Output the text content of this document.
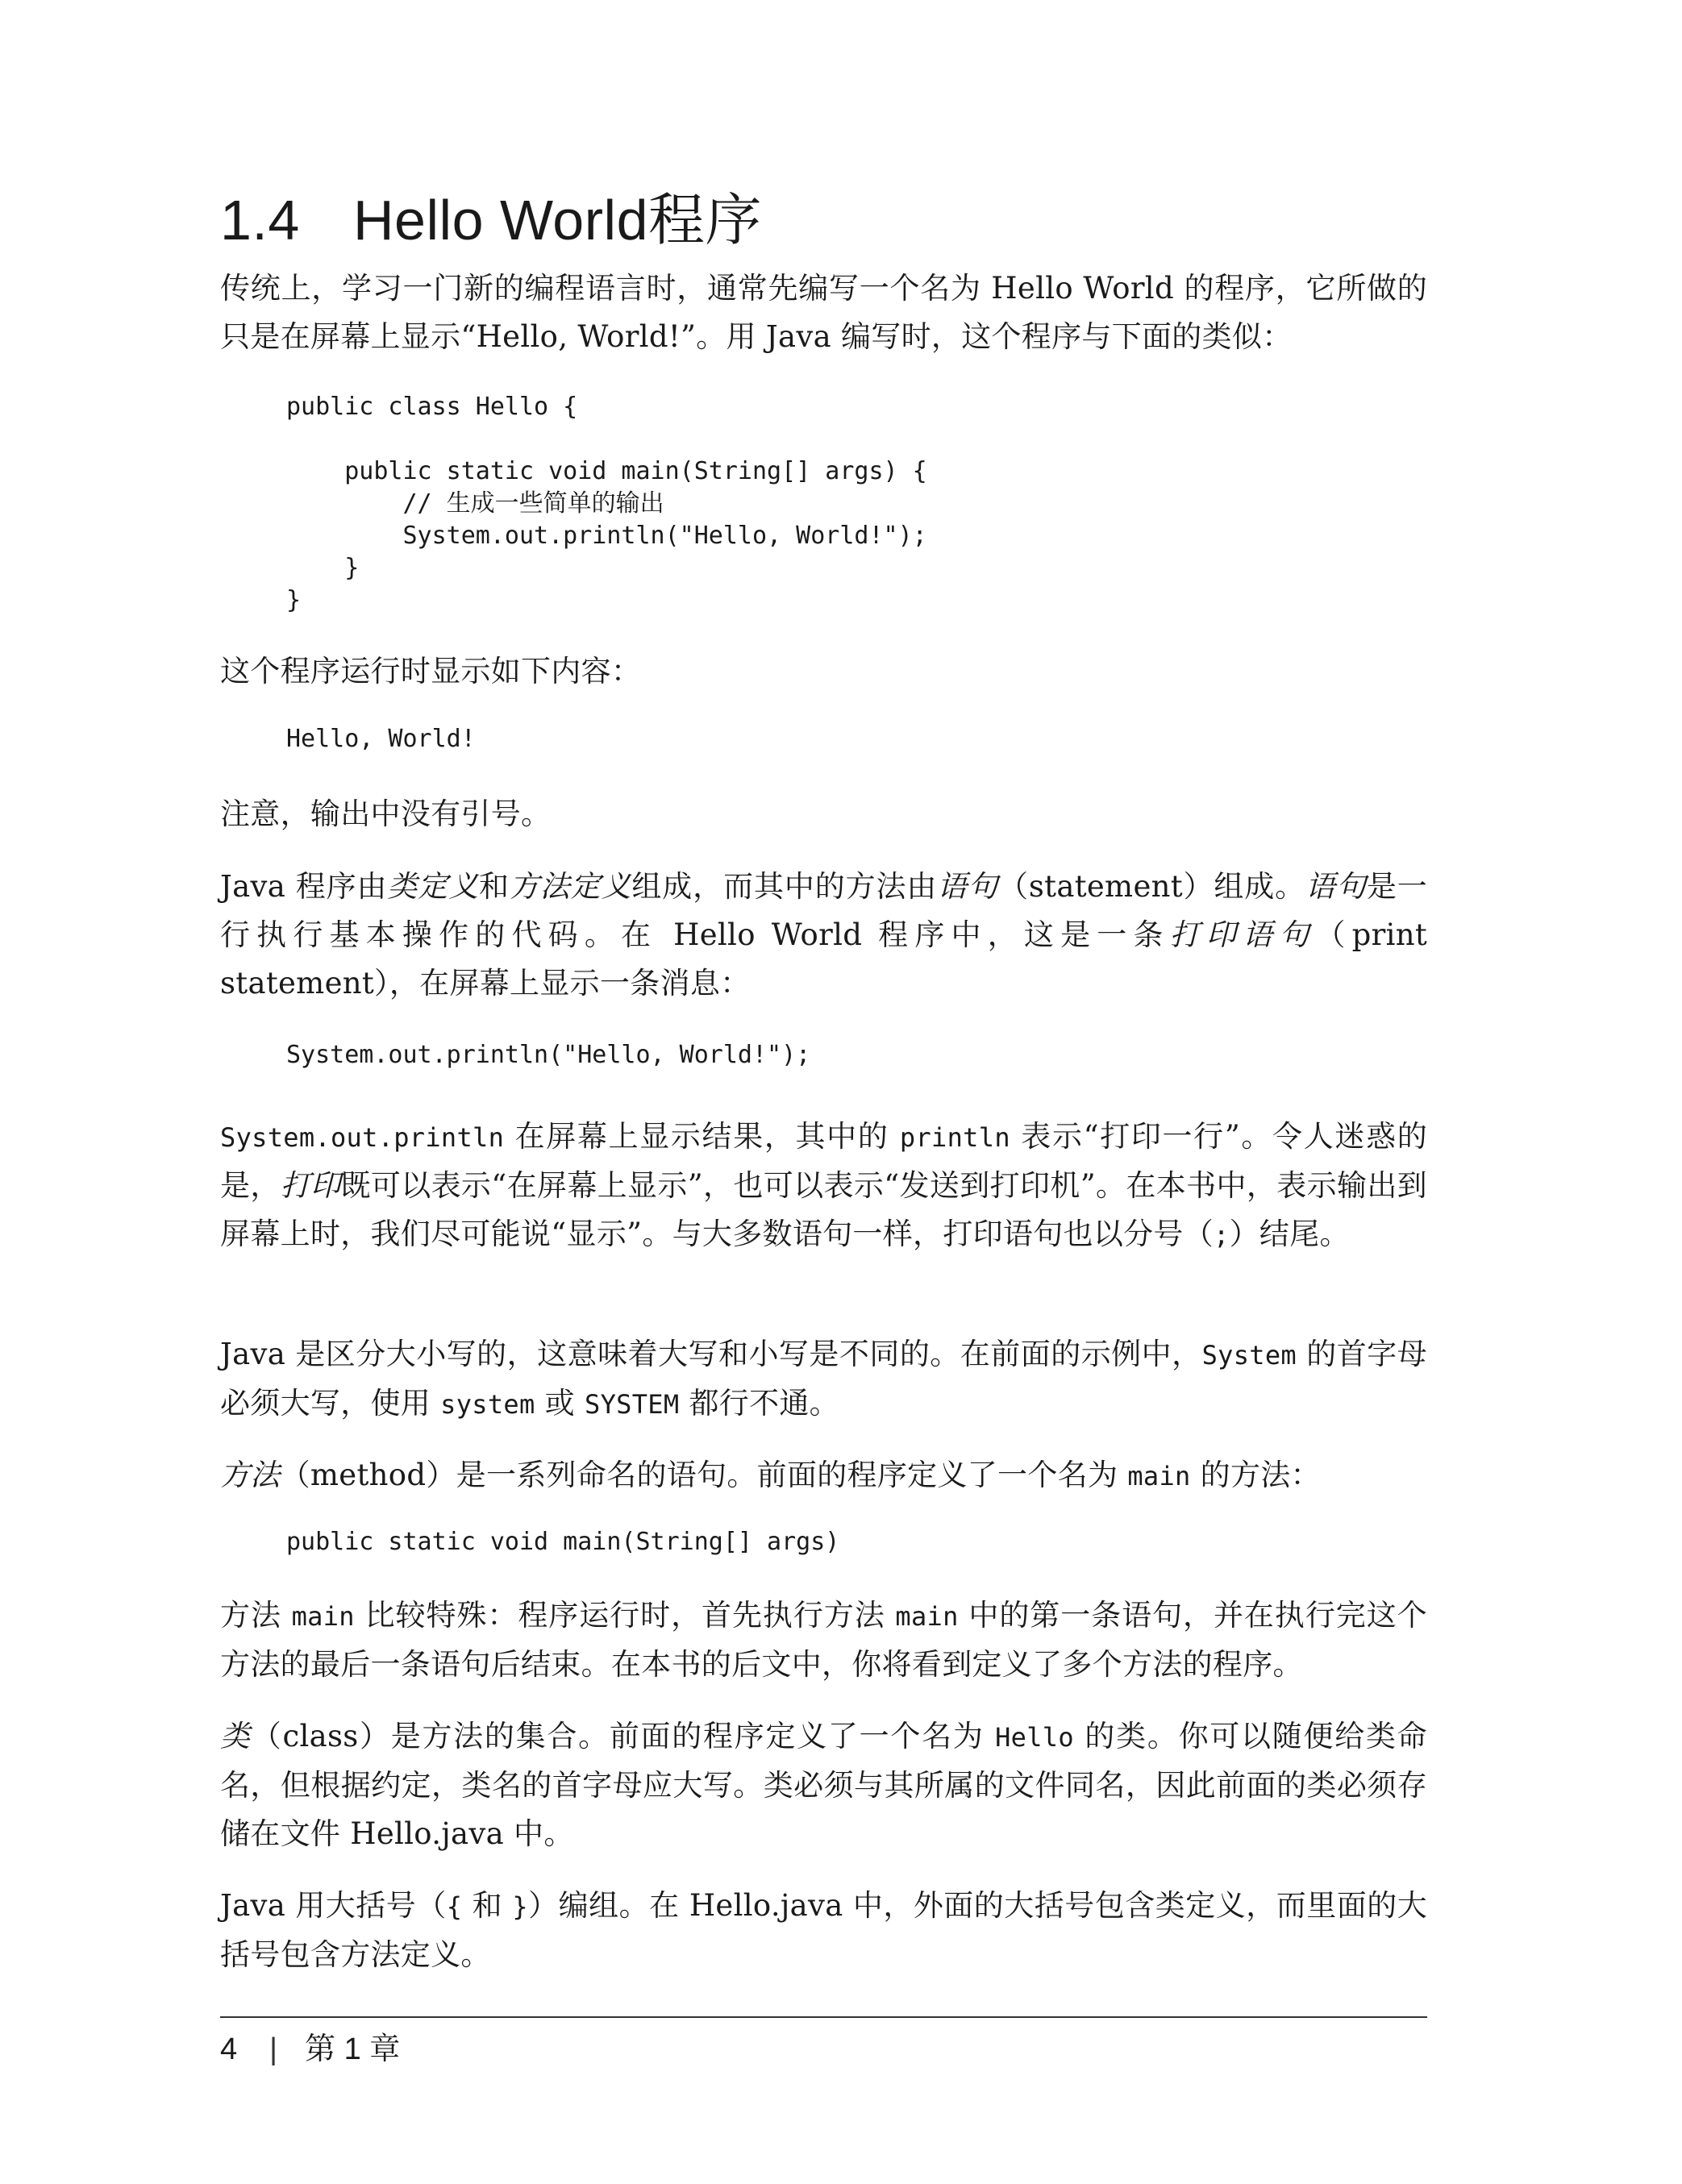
1.4 Hello World程序

传统上，学习一门新的编程语言时，通常先编写一个名为 Hello World 的程序，它所做的只是在屏幕上显示“Hello, World!”。用 Java 编写时，这个程序与下面的类似：

public class Hello {

public static void main(String[] args) {
// 生成一些简单的输出
System.out.println("Hello, World!");
}
}

这个程序运行时显示如下内容：

Hello, World!

注意，输出中没有引号。

Java 程序由类定义和方法定义组成，而其中的方法由语句（statement）组成。语句是一行执行基本操作的代码。在 Hello World 程序中，这是一条打印语句（print statement），在屏幕上显示一条消息：

System.out.println("Hello, World!");

System.out.println 在屏幕上显示结果，其中的 println 表示“打印一行”。令人迷惑的是，打印既可以表示“在屏幕上显示”，也可以表示“发送到打印机”。在本书中，表示输出到屏幕上时，我们尽可能说“显示”。与大多数语句一样，打印语句也以分号（;）结尾。

Java 是区分大小写的，这意味着大写和小写是不同的。在前面的示例中，System 的首字母必须大写，使用 system 或 SYSTEM 都行不通。

方法（method）是一系列命名的语句。前面的程序定义了一个名为 main 的方法：

public static void main(String[] args)

方法 main 比较特殊：程序运行时，首先执行方法 main 中的第一条语句，并在执行完这个方法的最后一条语句后结束。在本书的后文中，你将看到定义了多个方法的程序。

类（class）是方法的集合。前面的程序定义了一个名为 Hello 的类。你可以随便给类命名，但根据约定，类名的首字母应大写。类必须与其所属的文件同名，因此前面的类必须存储在文件 Hello.java 中。

Java 用大括号（{ 和 }）编组。在 Hello.java 中，外面的大括号包含类定义，而里面的大括号包含方法定义。

4 | 第 1 章
